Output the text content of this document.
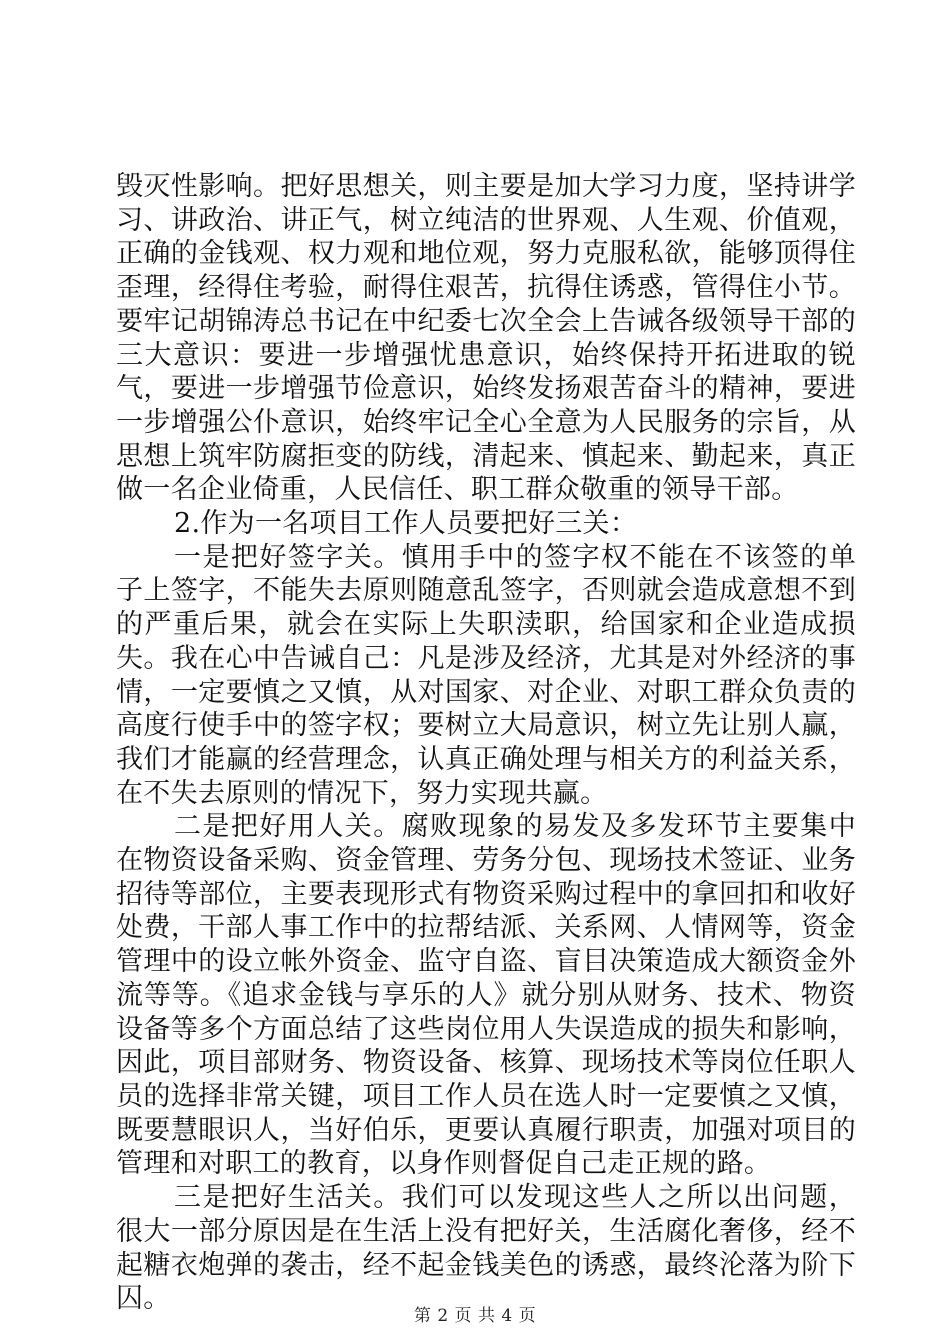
毁灭性影响。把好思想关，则主要是加大学习力度，坚持讲学习、讲政治、讲正气，树立纯洁的世界观、人生观、价值观，正确的金钱观、权力观和地位观，努力克服私欲，能够顶得住歪理，经得住考验，耐得住艰苦，抗得住诱惑，管得住小节。要牢记胡锦涛总书记在中纪委七次全会上告诫各级领导干部的三大意识：要进一步增强忧患意识，始终保持开拓进取的锐气，要进一步增强节俭意识，始终发扬艰苦奋斗的精神，要进一步增强公仆意识，始终牢记全心全意为人民服务的宗旨，从思想上筑牢防腐拒变的防线，清起来、慎起来、勤起来，真正做一名企业倚重，人民信任、职工群众敬重的领导干部。

2.作为一名项目工作人员要把好三关：

一是把好签字关。慎用手中的签字权不能在不该签的单子上签字，不能失去原则随意乱签字，否则就会造成意想不到的严重后果，就会在实际上失职渎职，给国家和企业造成损失。我在心中告诫自己：凡是涉及经济，尤其是对外经济的事情，一定要慎之又慎，从对国家、对企业、对职工群众负责的高度行使手中的签字权；要树立大局意识，树立先让别人赢，我们才能赢的经营理念，认真正确处理与相关方的利益关系，在不失去原则的情况下，努力实现共赢。

二是把好用人关。腐败现象的易发及多发环节主要集中在物资设备采购、资金管理、劳务分包、现场技术签证、业务招待等部位，主要表现形式有物资采购过程中的拿回扣和收好处费，干部人事工作中的拉帮结派、关系网、人情网等，资金管理中的设立帐外资金、监守自盗、盲目决策造成大额资金外流等等。《追求金钱与享乐的人》就分别从财务、技术、物资设备等多个方面总结了这些岗位用人失误造成的损失和影响，因此，项目部财务、物资设备、核算、现场技术等岗位任职人员的选择非常关键，项目工作人员在选人时一定要慎之又慎，既要慧眼识人，当好伯乐，更要认真履行职责，加强对项目的管理和对职工的教育，以身作则督促自己走正规的路。

三是把好生活关。我们可以发现这些人之所以出问题，很大一部分原因是在生活上没有把好关，生活腐化奢侈，经不起糖衣炮弹的袭击，经不起金钱美色的诱惑，最终沦落为阶下囚。

第 2 页 共 4 页
